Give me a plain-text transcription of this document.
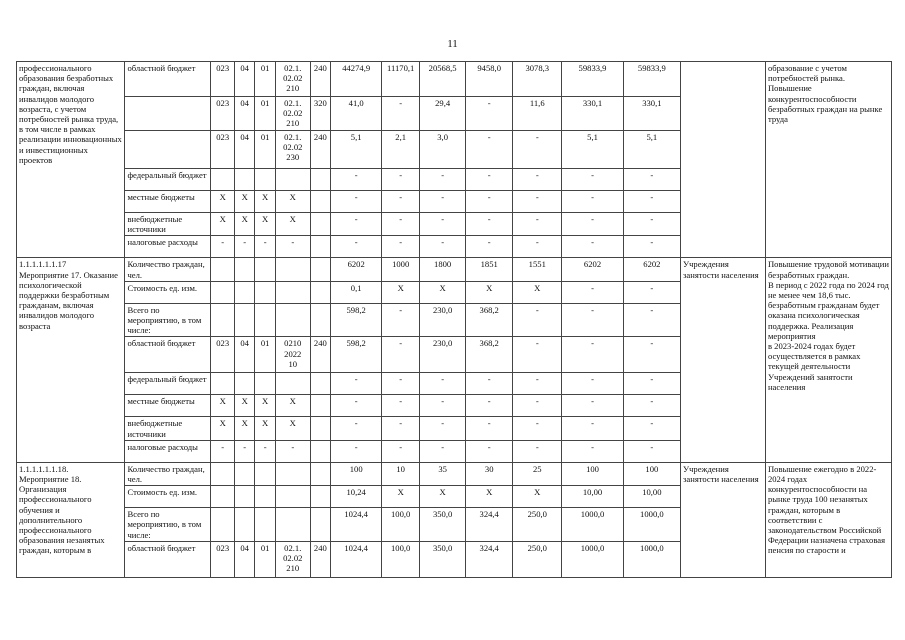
11
профессионального образования безработных граждан, включая инвалидов молодого возраста, с учетом потребностей рынка труда, в том числе в рамках реализации инновационных и инвестиционных проектов	областной бюджет	023	04	01	02.1.
02.02
210	240	44274,9	11170,1	20568,5	9458,0	3078,3	59833,9	59833,9		образование с учетом потребностей рынка. Повышение конкурентоспособности безработных граждан на рынке труда
		023	04	01	02.1.
02.02
210	320	41,0	-	29,4	-	11,6	330,1	330,1		
		023	04	01	02.1.
02.02
230	240	5,1	2,1	3,0	-	-	5,1	5,1		
	федеральный бюджет						-	-	-	-	-	-	-		
	местные бюджеты	X	X	X	X		-	-	-	-	-	-	-		
	внебюджетные источники	X	X	X	X		-	-	-	-	-	-	-		
	налоговые расходы	-	-	-	-		-	-	-	-	-	-	-		
1.1.1.1.1.1.17
Мероприятие 17. Оказание психологической поддержки безработным гражданам, включая инвалидов молодого возраста	Количество граждан, чел.						6202	1000	1800	1851	1551	6202	6202	Учреждения занятости населения	Повышение трудовой мотивации безработных граждан.
В период с 2022 года по 2024 год не менее чем 18,6 тыс. безработным гражданам будет оказана психологическая поддержка. Реализация мероприятия
в 2023-2024 годах будет осуществляется в рамках текущей деятельности Учреждений занятости населения
	Стоимость ед. изм.						0,1	X	X	X	X	-	-		
	Всего по мероприятию, в том числе:						598,2	-	230,0	368,2	-	-	-		
	областной бюджет	023	04	01	0210
2022
10	240	598,2	-	230,0	368,2	-	-	-		
	федеральный бюджет						-	-	-	-	-	-	-		
	местные бюджеты	X	X	X	X		-	-	-	-	-	-	-		
	внебюджетные источники	X	X	X	X		-	-	-	-	-	-	-		
	налоговые расходы	-	-	-	-		-	-	-	-	-	-	-		
1.1.1.1.1.1.18.
Мероприятие 18. Организация профессионального обучения и дополнительного профессионального образования незанятых граждан, которым в	Количество граждан, чел.						100	10	35	30	25	100	100	Учреждения занятости населения	Повышение ежегодно в 2022-2024 годах конкурентоспособности на рынке труда 100 незанятых граждан, которым в соответствии с законодательством Российской Федерации назначена страховая пенсия по старости и
	Стоимость ед. изм.						10,24	X	X	X	X	10,00	10,00		
	Всего по мероприятию, в том числе:						1024,4	100,0	350,0	324,4	250,0	1000,0	1000,0		
	областной бюджет	023	04	01	02.1.
02.02
210	240	1024,4	100,0	350,0	324,4	250,0	1000,0	1000,0		
